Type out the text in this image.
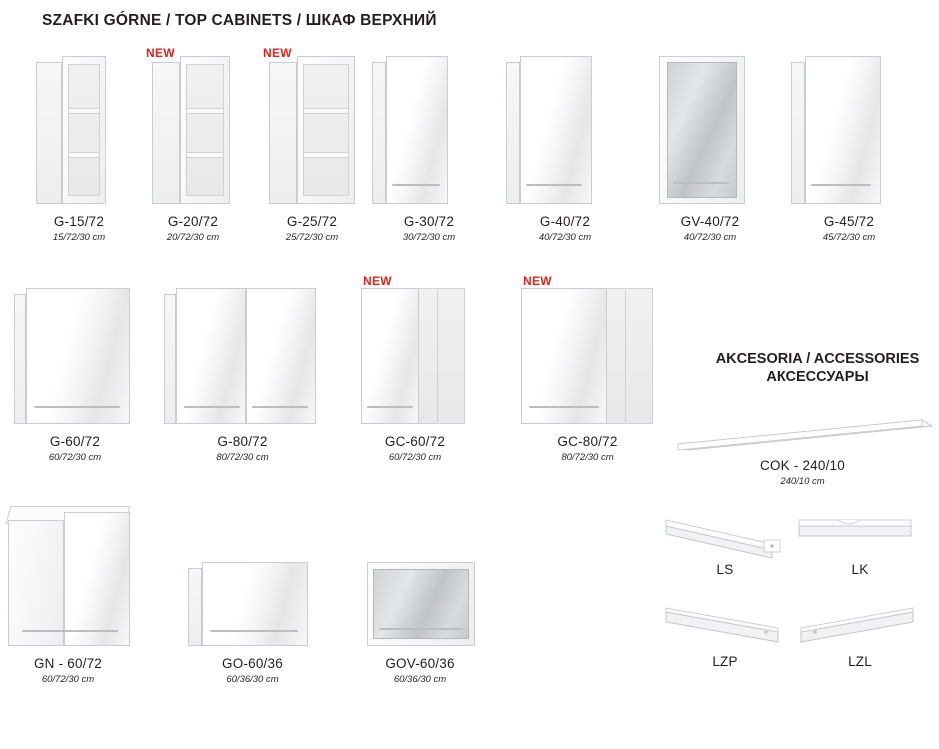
SZAFKI GÓRNE / TOP CABINETS / ШКАФ ВЕРХНИЙ
AKCESORIA / ACCESSORIES
АКСЕССУАРЫ
G-15/72
15/72/30 cm
NEW
G-20/72
20/72/30 cm
NEW
G-25/72
25/72/30 cm
G-30/72
30/72/30 cm
G-40/72
40/72/30 cm
GV-40/72
40/72/30 cm
G-45/72
45/72/30 cm
G-60/72
60/72/30 cm
G-80/72
80/72/30 cm
NEW
GC-60/72
60/72/30 cm
NEW
GC-80/72
80/72/30 cm
GN - 60/72
60/72/30 cm
GO-60/36
60/36/30 cm
GOV-60/36
60/36/30 cm
COK - 240/10
240/10 cm
LS	LK
LZP	LZL
